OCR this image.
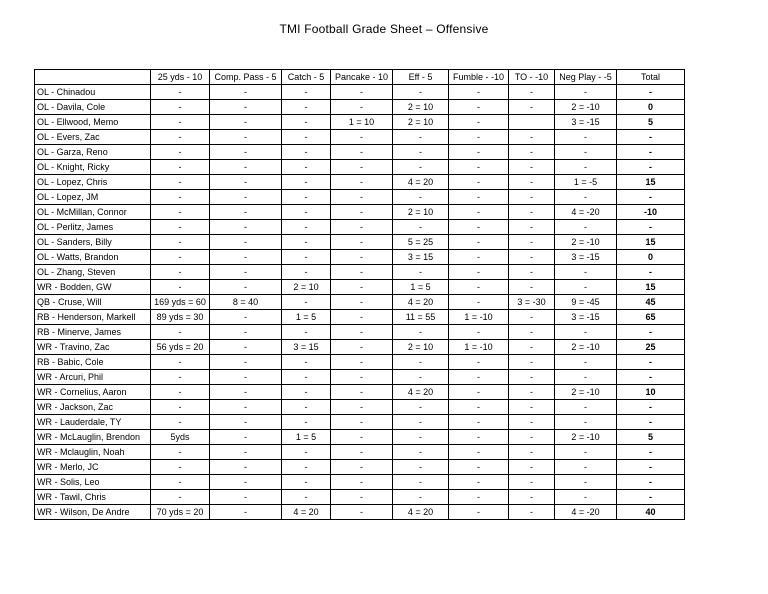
TMI Football Grade Sheet – Offensive
	25 yds - 10	Comp. Pass - 5	Catch - 5	Pancake - 10	Eff - 5	Fumble - -10	TO - -10	Neg Play - -5	Total
OL - Chinadou	-	-	-	-	-	-	-	-	-
OL - Davila, Cole	-	-	-	-	2 = 10	-	-	2 = -10	0
OL - Ellwood, Memo	-	-	-	1 = 10	2 = 10	-		3 = -15	5
OL - Evers, Zac	-	-	-	-	-	-	-	-	-
OL - Garza, Reno	-	-	-	-	-	-	-	-	-
OL - Knight, Ricky	-	-	-	-	-	-	-	-	-
OL - Lopez, Chris	-	-	-	-	4 = 20	-	-	1 = -5	15
OL - Lopez, JM	-	-	-	-	-	-	-	-	-
OL - McMillan, Connor	-	-	-	-	2 = 10	-	-	4 = -20	-10
OL - Perlitz, James	-	-	-	-	-	-	-	-	-
OL - Sanders, Billy	-	-	-	-	5 = 25	-	-	2 = -10	15
OL - Watts, Brandon	-	-	-	-	3 = 15	-	-	3 = -15	0
OL - Zhang, Steven	-	-	-	-	-	-	-	-	-
WR - Bodden, GW	-	-	2 = 10	-	1 = 5	-	-	-	15
QB - Cruse, Will	169 yds = 60	8 = 40	-	-	4 = 20	-	3 = -30	9 = -45	45
RB - Henderson, Markell	89 yds = 30	-	1 = 5	-	11 = 55	1 = -10	-	3 = -15	65
RB - Minerve, James	-	-	-	-	-	-	-	-	-
WR - Travino, Zac	56 yds = 20	-	3 = 15	-	2 = 10	1 = -10	-	2 = -10	25
RB - Babic, Cole	-	-	-	-	-	-	-	-	-
WR - Arcuri, Phil	-	-	-	-	-	-	-	-	-
WR - Cornelius, Aaron	-	-	-	-	4 = 20	-	-	2 = -10	10
WR - Jackson, Zac	-	-	-	-	-	-	-	-	-
WR - Lauderdale, TY	-	-	-	-	-	-	-	-	-
WR - McLauglin, Brendon	5yds	-	1 = 5	-	-	-	-	2 = -10	5
WR - Mclauglin, Noah	-	-	-	-	-	-	-	-	-
WR - Merlo, JC	-	-	-	-	-	-	-	-	-
WR - Solis, Leo	-	-	-	-	-	-	-	-	-
WR - Tawil, Chris	-	-	-	-	-	-	-	-	-
WR - Wilson, De Andre	70 yds = 20	-	4 = 20	-	4 = 20	-	-	4 = -20	40
